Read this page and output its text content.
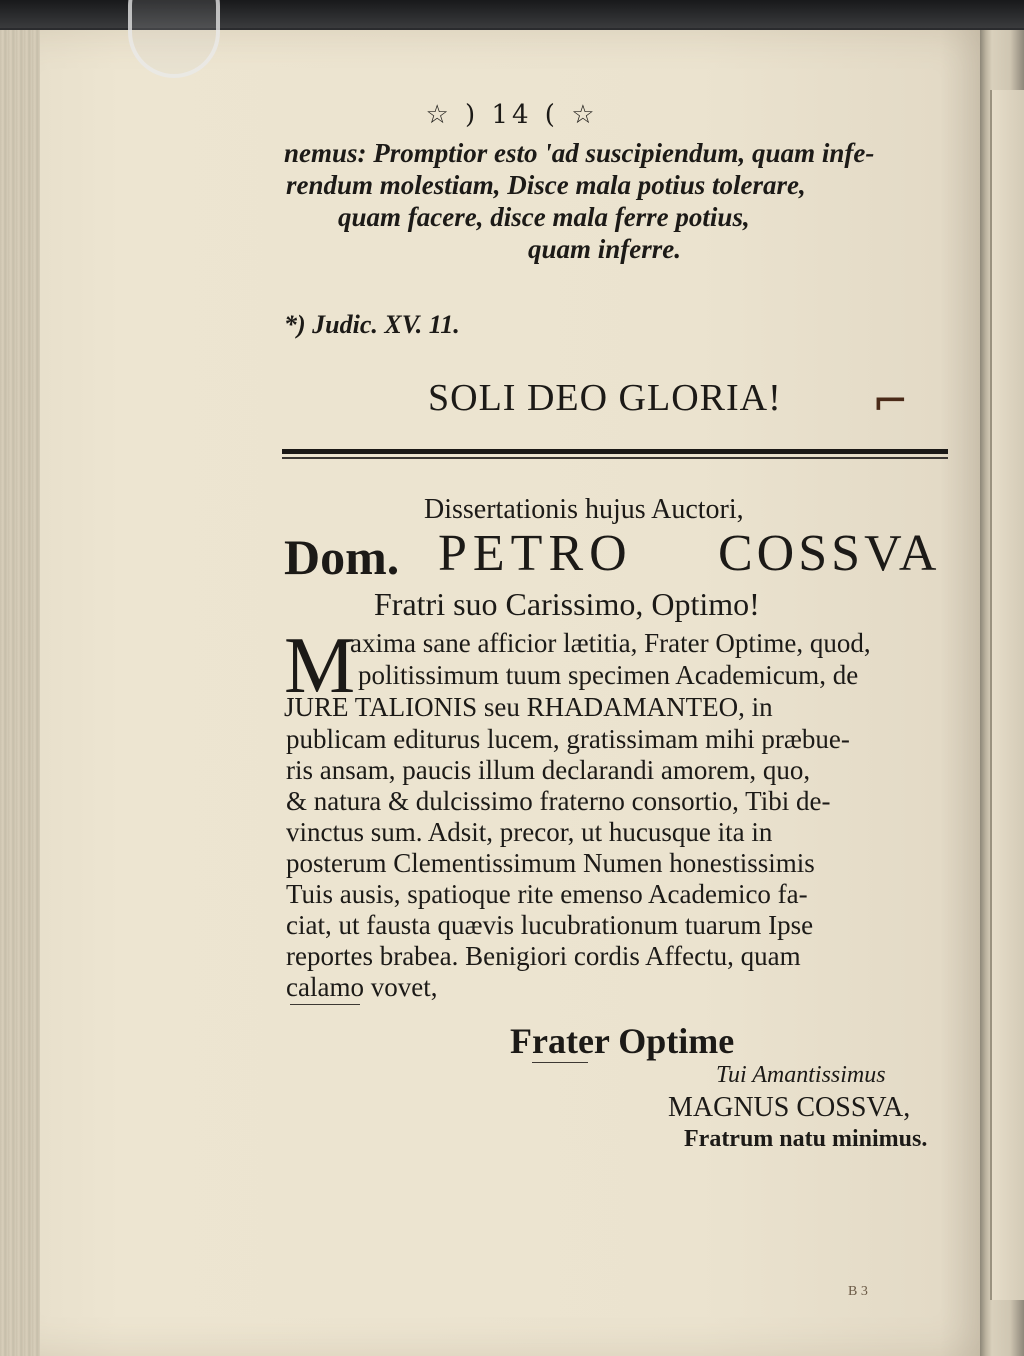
☆ ) 14 ( ☆
nemus: Promptior esto 'ad suscipiendum, quam infe-
rendum molestiam, Disce mala potius tolerare,
quam facere, disce mala ferre potius,
quam inferre.
*) Judic. XV. 11.
SOLI DEO GLORIA! ⌐
Dissertationis hujus Auctori,
Dom. PETRO COSSVA
Fratri suo Carissimo, Optimo!
M
axima sane afficior lætitia, Frater Optime, quod,
politissimum tuum specimen Academicum, de
JURE TALIONIS seu RHADAMANTEO, in
publicam editurus lucem, gratissimam mihi præbue-
ris ansam, paucis illum declarandi amorem, quo,
& natura & dulcissimo fraterno consortio, Tibi de-
vinctus sum. Adsit, precor, ut hucusque ita in
posterum Clementissimum Numen honestissimis
Tuis ausis, spatioque rite emenso Academico fa-
ciat, ut fausta quævis lucubrationum tuarum Ipse
reportes brabea. Benigiori cordis Affectu, quam
calamo vovet,
Frater Optime
Tui Amantissimus
MAGNUS COSSVA,
Fratrum natu minimus.
B 3
